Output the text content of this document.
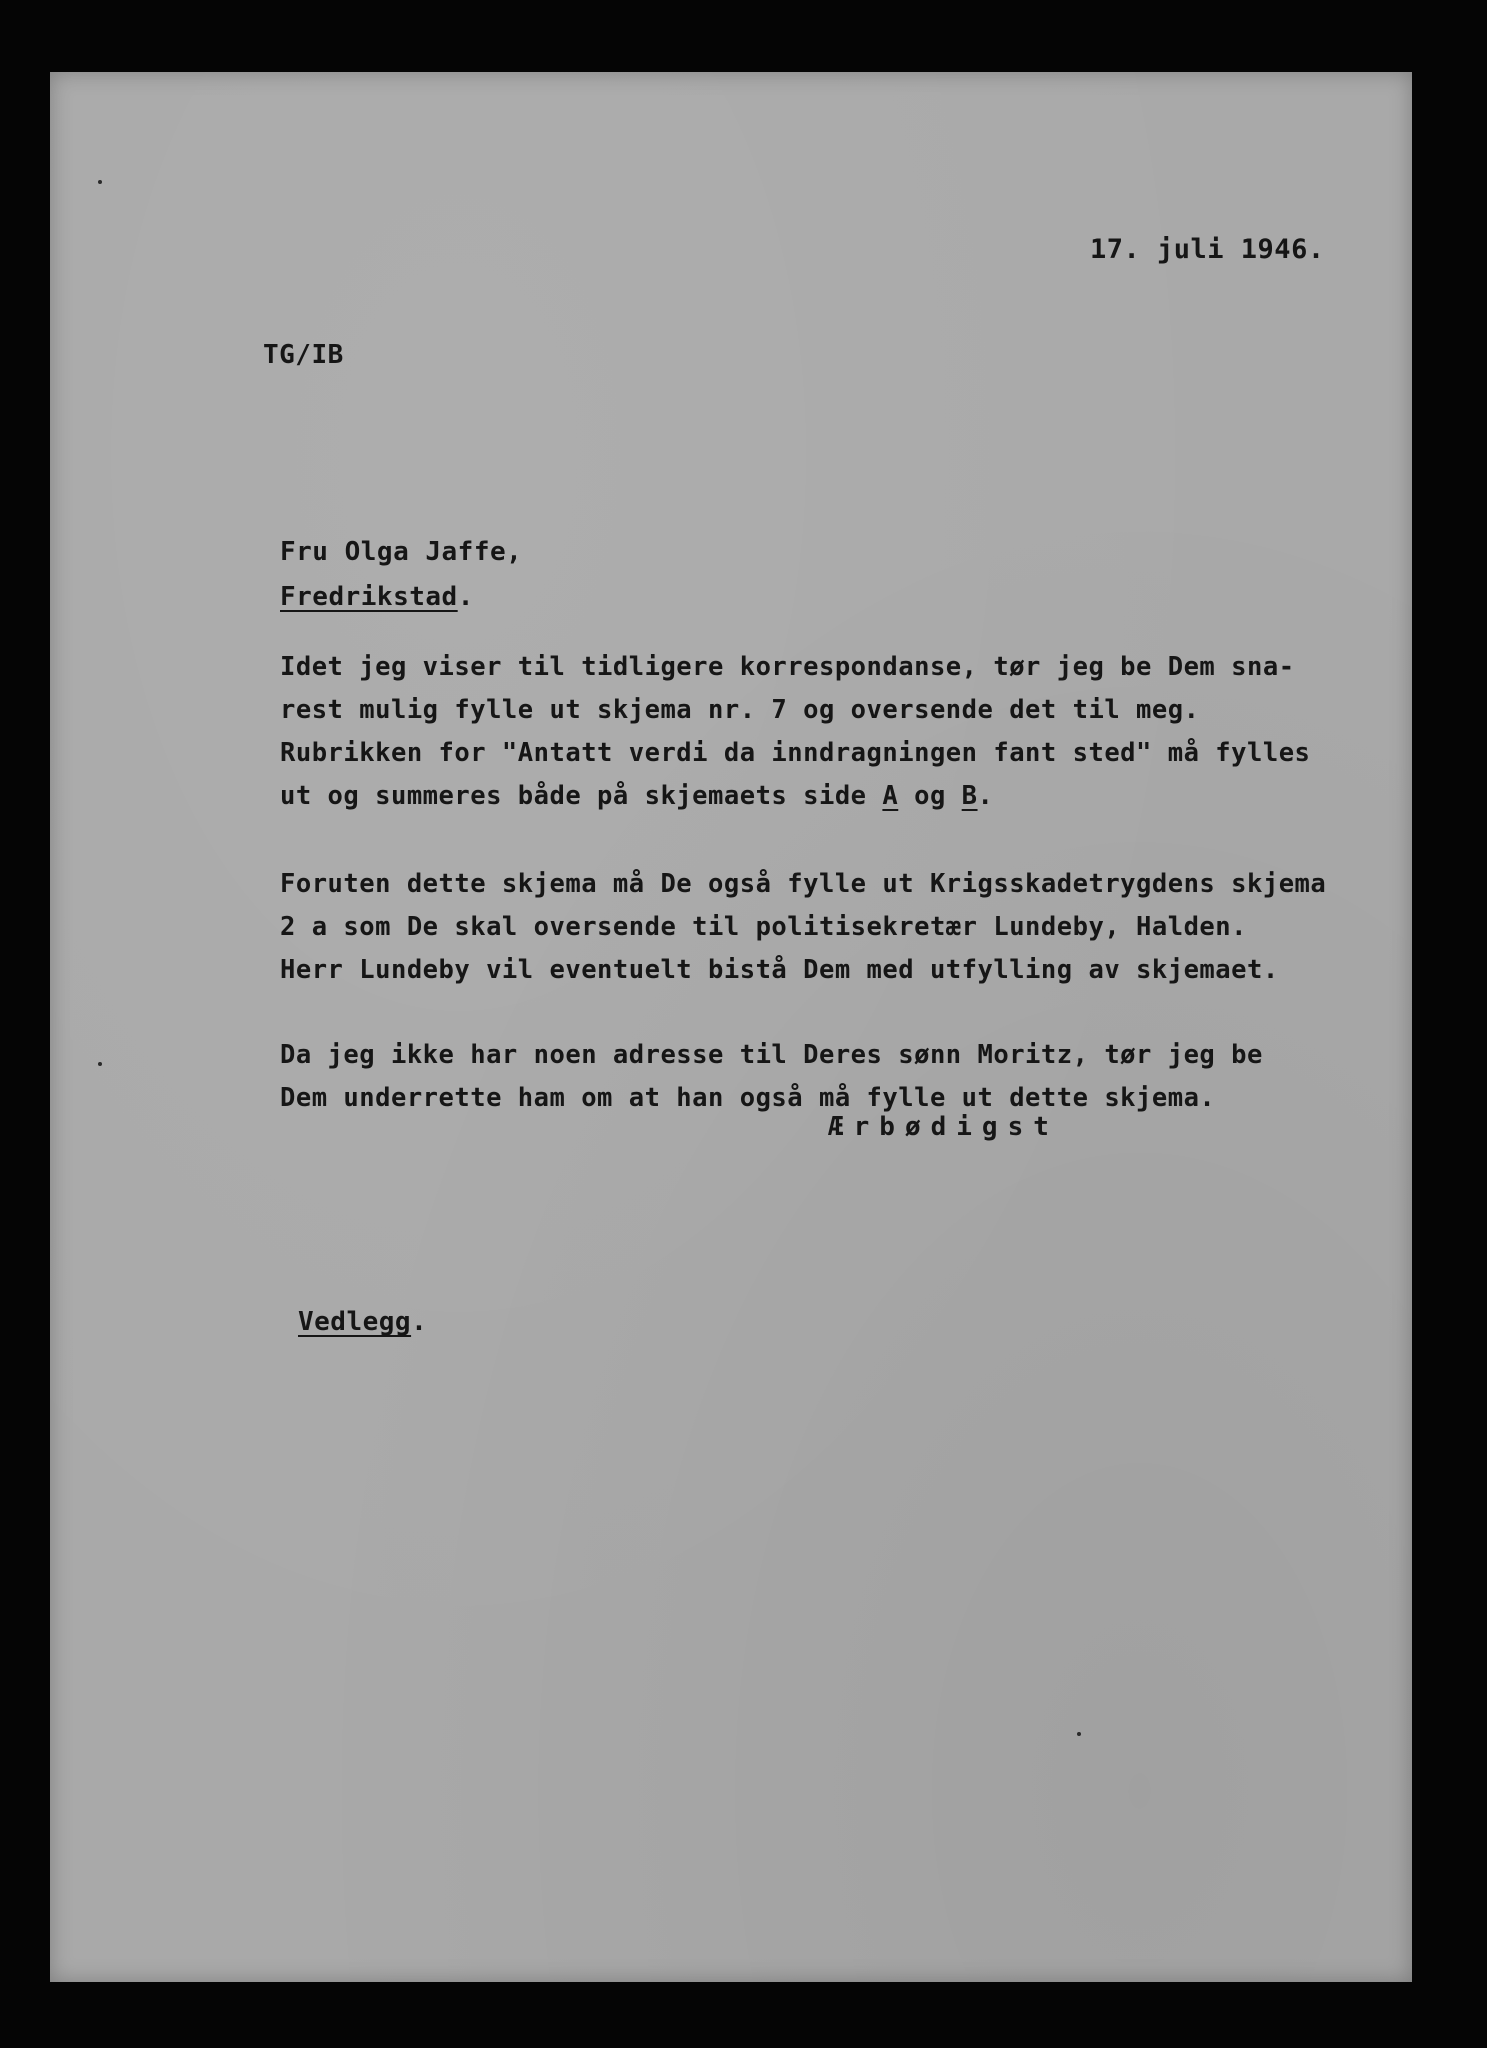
17. juli 1946.

TG/IB

Fru Olga Jaffe,

Fredrikstad.

Idet jeg viser til tidligere korrespondanse, tør jeg be Dem sna-

rest mulig fylle ut skjema nr. 7 og oversende det til meg.

Rubrikken for "Antatt verdi da inndragningen fant sted" må fylles

ut og summeres både på skjemaets side A og B.

Foruten dette skjema må De også fylle ut Krigsskadetrygdens skjema

2 a som De skal oversende til politisekretær Lundeby, Halden.

Herr Lundeby vil eventuelt bistå Dem med utfylling av skjemaet.

Da jeg ikke har noen adresse til Deres sønn Moritz, tør jeg be

Dem underrette ham om at han også må fylle ut dette skjema.

Ærbødigst

Vedlegg.
